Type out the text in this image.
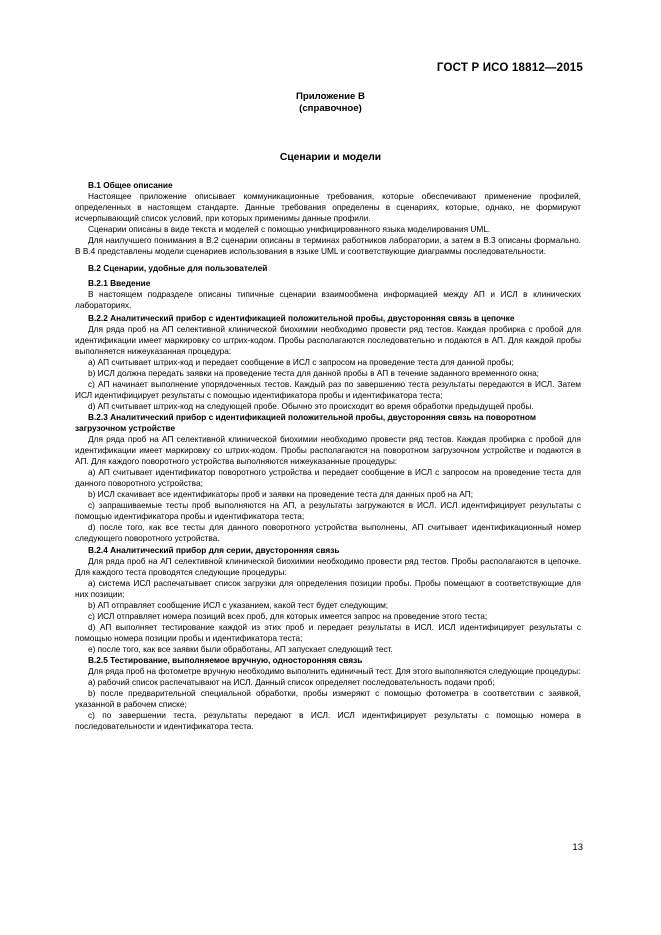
ГОСТ Р ИСО 18812—2015
Приложение В
(справочное)
Сценарии и модели
В.1 Общее описание
Настоящее приложение описывает коммуникационные требования, которые обеспечивают применение профилей, определенных в настоящем стандарте. Данные требования определены в сценариях, которые, однако, не формируют исчерпывающий список условий, при которых применимы данные профили.
Сценарии описаны в виде текста и моделей с помощью унифицированного языка моделирования UML.
Для наилучшего понимания в В.2 сценарии описаны в терминах работников лаборатории, а затем в В.3 описаны формально. В В.4 представлены модели сценариев использования в языке UML и соответствующие диаграммы последовательности.
В.2 Сценарии, удобные для пользователей
В.2.1 Введение
В настоящем подразделе описаны типичные сценарии взаимообмена информацией между АП и ИСЛ в клинических лабораториях.
В.2.2 Аналитический прибор с идентификацией положительной пробы, двусторонняя связь в цепочке
Для ряда проб на АП селективной клинической биохимии необходимо провести ряд тестов. Каждая пробирка с пробой для идентификации имеет маркировку со штрих-кодом. Пробы располагаются последовательно и подаются в АП. Для каждой пробы выполняется нижеуказанная процедура:
a) АП считывает штрих-код и передает сообщение в ИСЛ с запросом на проведение теста для данной пробы;
b) ИСЛ должна передать заявки на проведение теста для данной пробы в АП в течение заданного временного окна;
c) АП начинает выполнение упорядоченных тестов. Каждый раз по завершению теста результаты передаются в ИСЛ. Затем ИСЛ идентифицирует результаты с помощью идентификатора пробы и идентификатора теста;
d) АП считывает штрих-код на следующей пробе. Обычно это происходит во время обработки предыдущей пробы.
В.2.3 Аналитический прибор с идентификацией положительной пробы, двусторонняя связь на поворотном загрузочном устройстве
Для ряда проб на АП селективной клинической биохимии необходимо провести ряд тестов. Каждая пробирка с пробой для идентификации имеет маркировку со штрих-кодом. Пробы располагаются на поворотном загрузочном устройстве и подаются в АП. Для каждого поворотного устройства выполняются нижеуказанные процедуры:
a) АП считывает идентификатор поворотного устройства и передает сообщение в ИСЛ с запросом на проведение теста для данного поворотного устройства;
b) ИСЛ скачивает все идентификаторы проб и заявки на проведение теста для данных проб на АП;
c) запрашиваемые тесты проб выполняются на АП, а результаты загружаются в ИСЛ. ИСЛ идентифицирует результаты с помощью идентификатора пробы и идентификатора теста;
d) после того, как все тесты для данного поворотного устройства выполнены, АП считывает идентификационный номер следующего поворотного устройства.
В.2.4 Аналитический прибор для серии, двусторонняя связь
Для ряда проб на АП селективной клинической биохимии необходимо провести ряд тестов. Пробы располагаются в цепочке. Для каждого теста проводятся следующие процедуры:
a) система ИСЛ распечатывает список загрузки для определения позиции пробы. Пробы помещают в соответствующие для них позиции;
b) АП отправляет сообщение ИСЛ с указанием, какой тест будет следующим;
c) ИСЛ отправляет номера позиций всех проб, для которых имеется запрос на проведение этого теста;
d) АП выполняет тестирование каждой из этих проб и передает результаты в ИСЛ. ИСЛ идентифицирует результаты с помощью номера позиции пробы и идентификатора теста;
e) после того, как все заявки были обработаны, АП запускает следующий тест.
В.2.5 Тестирование, выполняемое вручную, односторонняя связь
Для ряда проб на фотометре вручную необходимо выполнить единичный тест. Для этого выполняются следующие процедуры:
a) рабочий список распечатывают на ИСЛ. Данный список определяет последовательность подачи проб;
b) после предварительной специальной обработки, пробы измеряют с помощью фотометра в соответствии с заявкой, указанной в рабочем списке;
c) по завершении теста, результаты передают в ИСЛ. ИСЛ идентифицирует результаты с помощью номера в последовательности и идентификатора теста.
13
